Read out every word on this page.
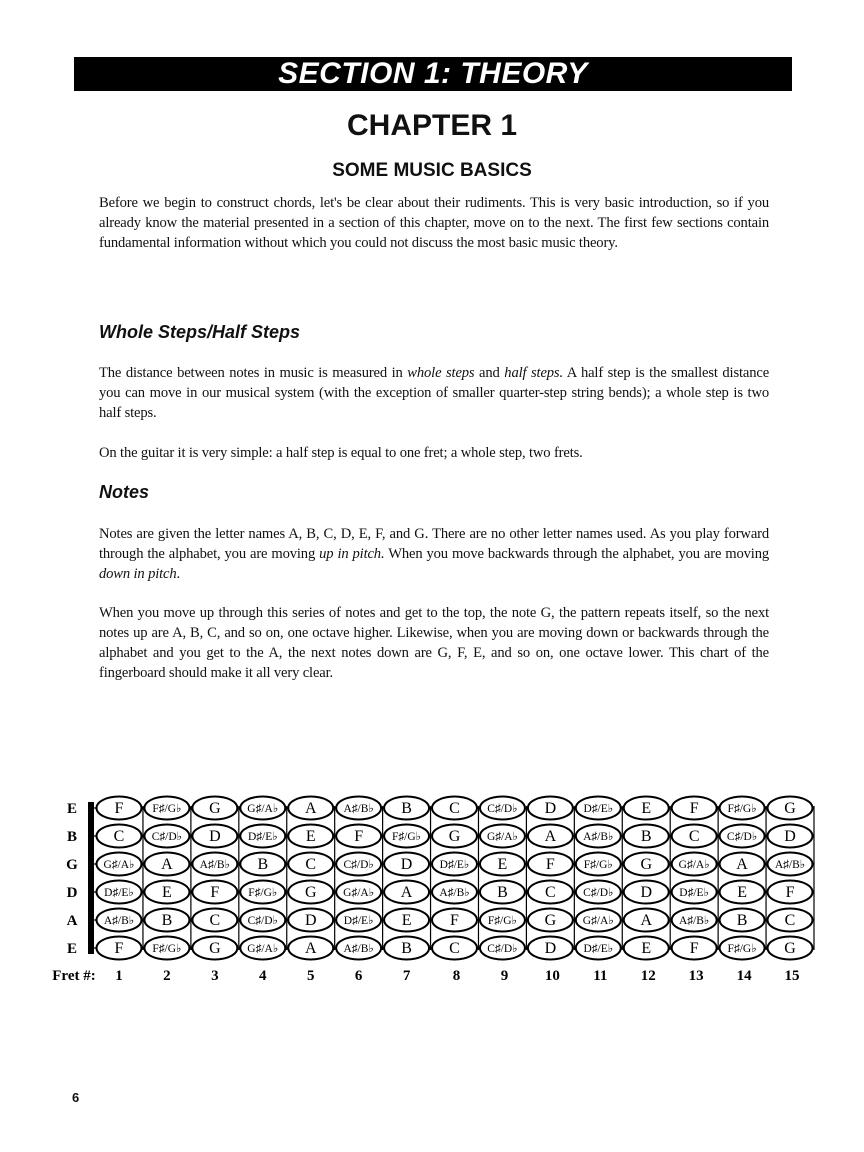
SECTION 1: THEORY
CHAPTER 1
SOME MUSIC BASICS

Before we begin to construct chords, let's be clear about their rudiments. This is very basic introduction, so if you already know the material presented in a section of this chapter, move on to the next. The first few sections contain fundamental information without which you could not discuss the most basic music theory.

Whole Steps/Half Steps

The distance between notes in music is measured in whole steps and half steps. A half step is the smallest distance you can move in our musical system (with the exception of smaller quarter-step string bends); a whole step is two half steps.

On the guitar it is very simple: a half step is equal to one fret; a whole step, two frets.

Notes

Notes are given the letter names A, B, C, D, E, F, and G. There are no other letter names used. As you play forward through the alphabet, you are moving up in pitch. When you move backwards through the alphabet, you are moving down in pitch.

When you move up through this series of notes and get to the top, the note G, the pattern repeats itself, so the next notes up are A, B, C, and so on, one octave higher. Likewise, when you are moving down or backwards through the alphabet and you get to the A, the next notes down are G, F, E, and so on, one octave lower. This chart of the fingerboard should make it all very clear.

E F	F♯/G♭ G G♯/A♭ A A♯/B♭ B C C♯/D♭ D D♯/E♭ E F	F♯/G♭ G
B C C♯/D♭ D D♯/E♭ E F	F♯/G♭ G G♯/A♭ A A♯/B♭ B C C♯/D♭ D
G G♯/A♭ A A♯/B♭ B C C♯/D♭ D D♯/E♭ E F	F♯/G♭ G G♯/A♭ A A♯/B♭
D D♯/E♭ E F	F♯/G♭ G G♯/A♭ A A♯/B♭ B C C♯/D♭ D D♯/E♭ E F
A A♯/B♭ B C C♯/D♭ D D♯/E♭ E F	F♯/G♭ G G♯/A♭ A A♯/B♭ B C
E F	F♯/G♭ G G♯/A♭ A A♯/B♭ B C C♯/D♭ D D♯/E♭ E F	F♯/G♭ G
Fret #: 1	2	3	4	5	6	7	8	9 10 11 12 13 14 15
6
